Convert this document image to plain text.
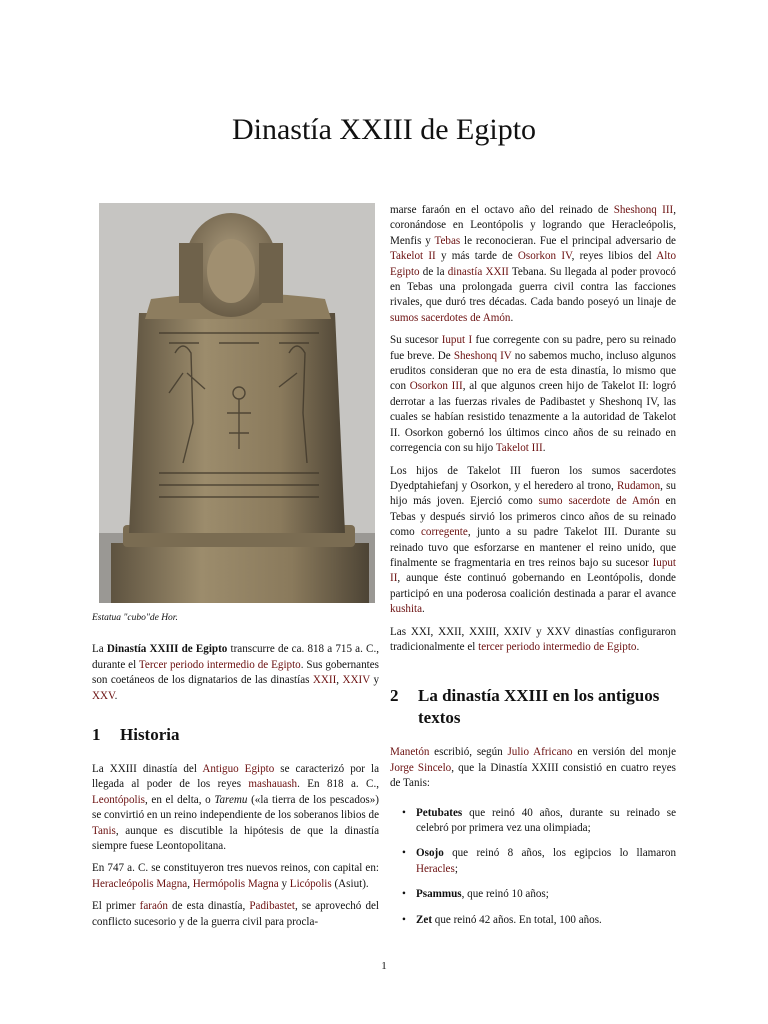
Dinastía XXIII de Egipto
Estatua "cubo"de Hor.

La Dinastía XXIII de Egipto transcurre de ca. 818 a 715 a. C., durante el Tercer periodo intermedio de Egipto. Sus gobernantes son coetáneos de los dignatarios de las dinastías XXII, XXIV y XXV.

1	Historia

La XXIII dinastía del Antiguo Egipto se caracterizó por la llegada al poder de los reyes mashauash. En 818 a. C., Leontópolis, en el delta, o Taremu («la tierra de los pescados») se convirtió en un reino independiente de los soberanos libios de Tanis, aunque es discutible la hipótesis de que la dinastía siempre fuese Leontopolitana.

En 747 a. C. se constituyeron tres nuevos reinos, con capital en: Heracleópolis Magna, Hermópolis Magna y Licópolis (Asiut).

El primer faraón de esta dinastía, Padibastet, se aprovechó del conflicto sucesorio y de la guerra civil para procla-

marse faraón en el octavo año del reinado de Sheshonq III, coronándose en Leontópolis y logrando que Heracleópolis, Menfis y Tebas le reconocieran. Fue el principal adversario de Takelot II y más tarde de Osorkon IV, reyes libios del Alto Egipto de la dinastía XXII Tebana. Su llegada al poder provocó en Tebas una prolongada guerra civil contra las facciones rivales, que duró tres décadas. Cada bando poseyó un linaje de sumos sacerdotes de Amón.

Su sucesor Iuput I fue corregente con su padre, pero su reinado fue breve. De Sheshonq IV no sabemos mucho, incluso algunos eruditos consideran que no era de esta dinastía, lo mismo que con Osorkon III, al que algunos creen hijo de Takelot II: logró derrotar a las fuerzas rivales de Padibastet y Sheshonq IV, las cuales se habían resistido tenazmente a la autoridad de Takelot II. Osorkon gobernó los últimos cinco años de su reinado en corregencia con su hijo Takelot III.

Los hijos de Takelot III fueron los sumos sacerdotes Dyedptahiefanj y Osorkon, y el heredero al trono, Rudamon, su hijo más joven. Ejerció como sumo sacerdote de Amón en Tebas y después sirvió los primeros cinco años de su reinado como corregente, junto a su padre Takelot III. Durante su reinado tuvo que esforzarse en mantener el reino unido, que finalmente se fragmentaria en tres reinos bajo su sucesor Iuput II, aunque éste continuó gobernando en Leontópolis, donde participó en una poderosa coalición destinada a parar el avance kushita.

Las XXI, XXII, XXIII, XXIV y XXV dinastías configuraron tradicionalmente el tercer periodo intermedio de Egipto.

2	La dinastía XXIII en los antiguos textos

Manetón escribió, según Julio Africano en versión del monje Jorge Sincelo, que la Dinastía XXIII consistió en cuatro reyes de Tanis:

• Petubates que reinó 40 años, durante su reinado se celebró por primera vez una olimpiada;
• Osojo que reinó 8 años, los egipcios lo llamaron Heracles;
• Psammus, que reinó 10 años;
• Zet que reinó 42 años. En total, 100 años.
1
